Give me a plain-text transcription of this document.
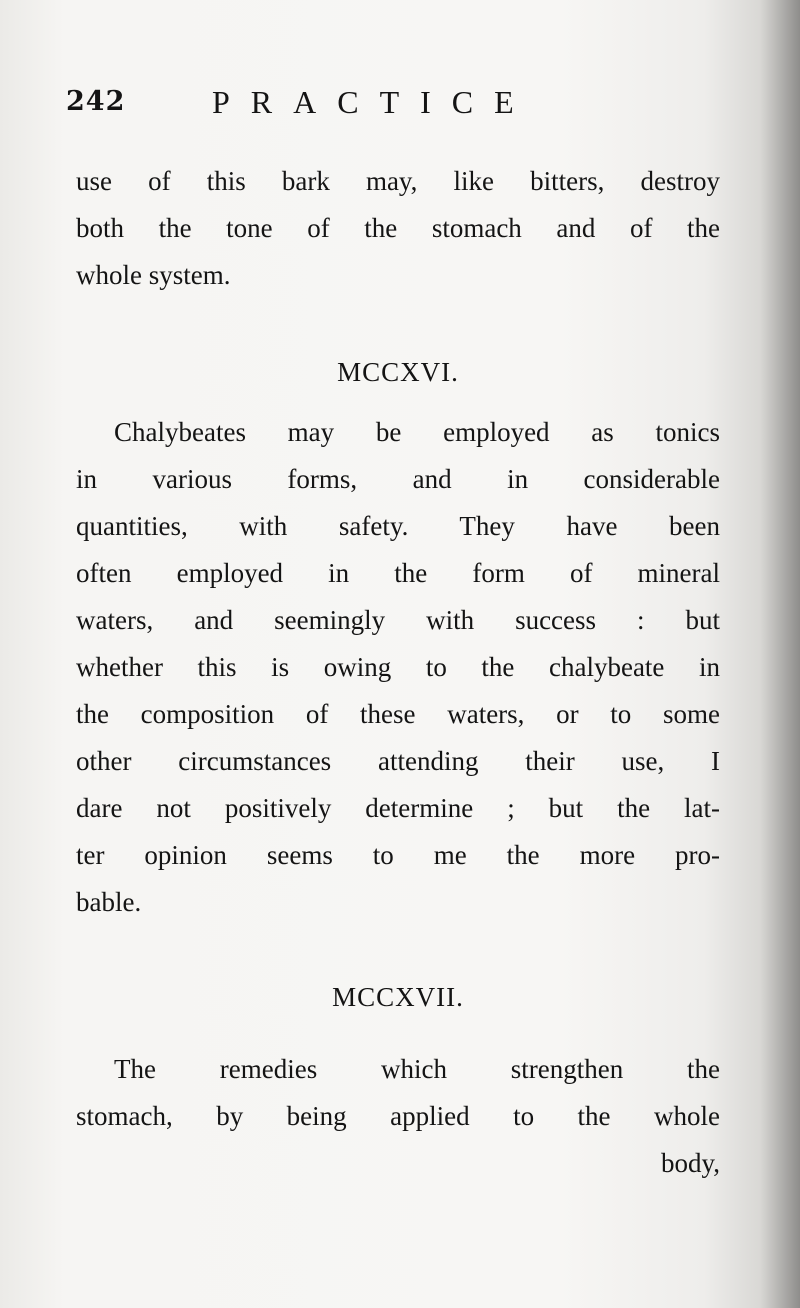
242	PRACTICE
use of this bark may, like bitters, destroy
both the tone of the stomach and of the
whole system.
MCCXVI.
Chalybeates may be employed as tonics
in various forms, and in considerable
quantities, with safety. They have been
often employed in the form of mineral
waters, and seemingly with success : but
whether this is owing to the chalybeate in
the composition of these waters, or to some
other circumstances attending their use, I
dare not positively determine ; but the lat-
ter opinion seems to me the more pro-
bable.
MCCXVII.
The remedies which strengthen the
stomach, by being applied to the whole
body,
